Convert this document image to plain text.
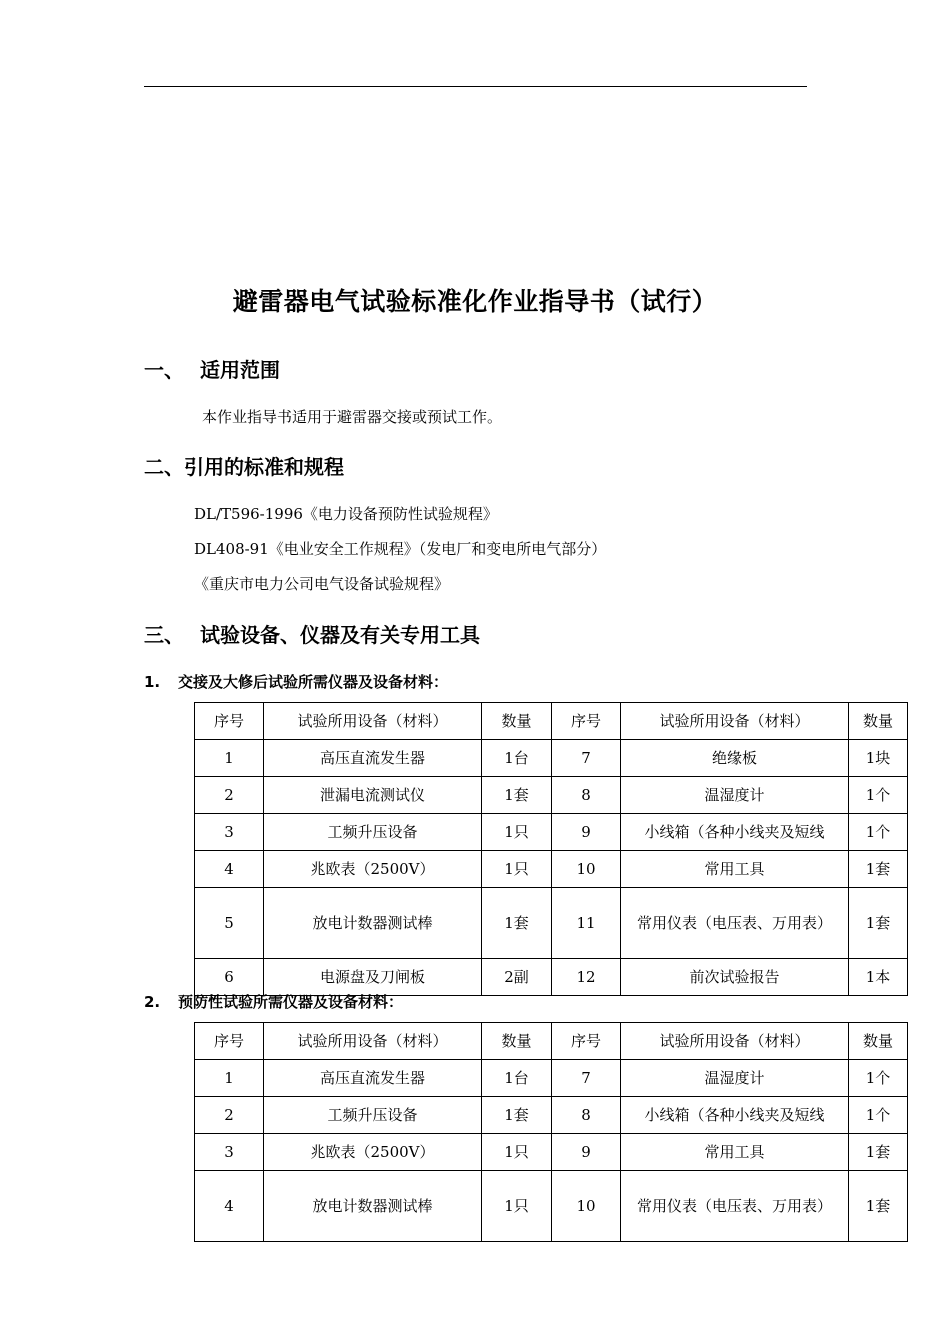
避雷器电气试验标准化作业指导书（试行）
一、 适用范围
本作业指导书适用于避雷器交接或预试工作。
二、引用的标准和规程
DL/T596-1996《电力设备预防性试验规程》
DL408-91《电业安全工作规程》（发电厂和变电所电气部分）
《重庆市电力公司电气设备试验规程》
三、 试验设备、仪器及有关专用工具
1. 交接及大修后试验所需仪器及设备材料：
序号	试验所用设备（材料）	数量	序号	试验所用设备（材料）	数量
1	高压直流发生器	1台	7	绝缘板	1块
2	泄漏电流测试仪	1套	8	温湿度计	1个
3	工频升压设备	1只	9	小线箱（各种小线夹及短线	1个
4	兆欧表（2500V）	1只	10	常用工具	1套
5	放电计数器测试棒	1套	11	常用仪表（电压表、万用表）	1套
6	电源盘及刀闸板	2副	12	前次试验报告	1本
2. 预防性试验所需仪器及设备材料：
序号	试验所用设备（材料）	数量	序号	试验所用设备（材料）	数量
1	高压直流发生器	1台	7	温湿度计	1个
2	工频升压设备	1套	8	小线箱（各种小线夹及短线	1个
3	兆欧表（2500V）	1只	9	常用工具	1套
4	放电计数器测试棒	1只	10	常用仪表（电压表、万用表）	1套
